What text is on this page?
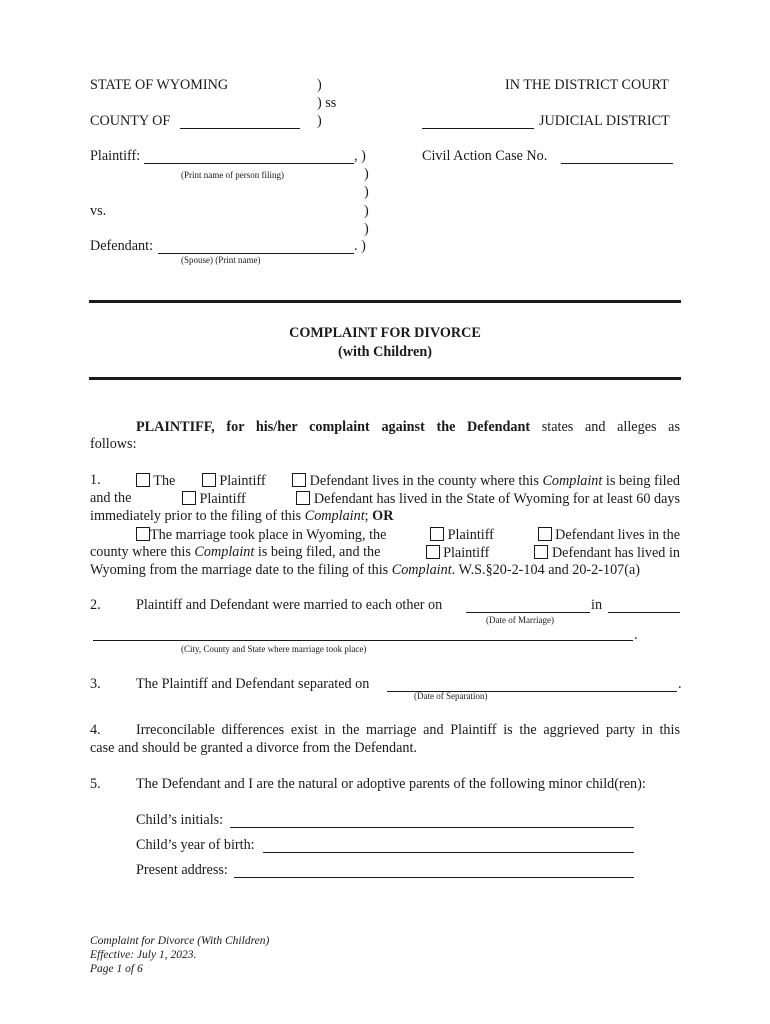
STATE OF WYOMING	)
) ss
COUNTY OF	)
IN THE DISTRICT COURT
JUDICIAL DISTRICT
Plaintiff:	, )
(Print name of person filing)	)
)
vs.	)
)
Defendant:	. )
(Spouse) (Print name)
Civil Action Case No.
COMPLAINT FOR DIVORCE
(with Children)
PLAINTIFF, for his/her complaint against the Defendant states and alleges as
follows:
1.	The	Plaintiff	Defendant lives in the county where this Complaint is being filed
and the	Plaintiff	Defendant has lived in the State of Wyoming for at least 60 days
immediately prior to the filing of this Complaint; OR
The marriage took place in Wyoming, the	Plaintiff	Defendant lives in the
county where this Complaint is being filed, and the	Plaintiff	Defendant has lived in
Wyoming from the marriage date to the filing of this Complaint. W.S.§20-2-104 and 20-2-107(a)
2. Plaintiff and Defendant were married to each other on	in
(Date of Marriage)
.
(City, County and State where marriage took place)
3. The Plaintiff and Defendant separated on	.
(Date of Separation)
4. Irreconcilable differences exist in the marriage and Plaintiff is the aggrieved party in this
case and should be granted a divorce from the Defendant.
5. The Defendant and I are the natural or adoptive parents of the following minor child(ren):
Child’s initials:
Child’s year of birth:
Present address:
Complaint for Divorce (With Children)
Effective: July 1, 2023.
Page 1 of 6
